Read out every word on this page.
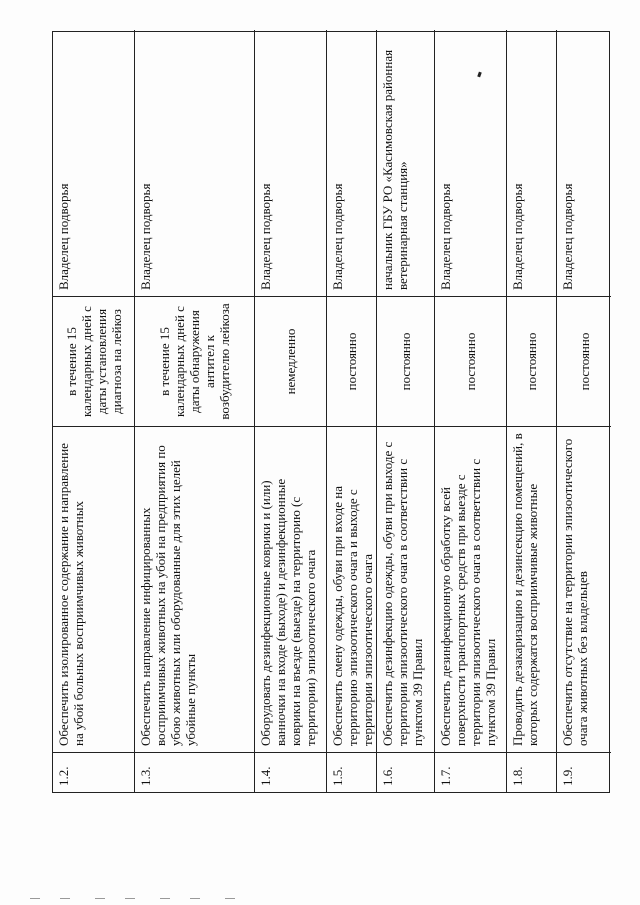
1.2.
Обеспечить изолированное содержание и направление на убой больных восприимчивых животных
в течение 15 календарных дней с даты установления диагноза на лейкоз
Владелец подворья
1.3.
Обеспечить направление инфицированных восприимчивых животных на убой на предприятия по убою животных или оборудованные для этих целей убойные пункты
в течение 15 календарных дней с даты обнаружения антител к возбудителю лейкоза
Владелец подворья
1.4.
Оборудовать дезинфекционные коврики и (или) ванночки на входе (выходе) и дезинфекционные коврики на въезде (выезде) на территорию (с территории) эпизоотического очага
немедленно
Владелец подворья
1.5.
Обеспечить смену одежды, обуви при входе на территорию эпизоотического очага и выходе с территории эпизоотического очага
постоянно
Владелец подворья
1.6.
Обеспечить дезинфекцию одежды, обуви при выходе с территории эпизоотического очага в соответствии с пунктом 39 Правил
постоянно
начальник ГБУ РО «Касимовская районная ветеринарная станция»
1.7.
Обеспечить дезинфекционную обработку всей поверхности транспортных средств при выезде с территории эпизоотического очага в соответствии с пунктом 39 Правил
постоянно
Владелец подворья
1.8.
Проводить дезакаризацию и дезинсекцию помещений, в которых содержатся восприимчивые животные
постоянно
Владелец подворья
1.9.
Обеспечить отсутствие на территории эпизоотического очага животных без владельцев
постоянно
Владелец подворья
